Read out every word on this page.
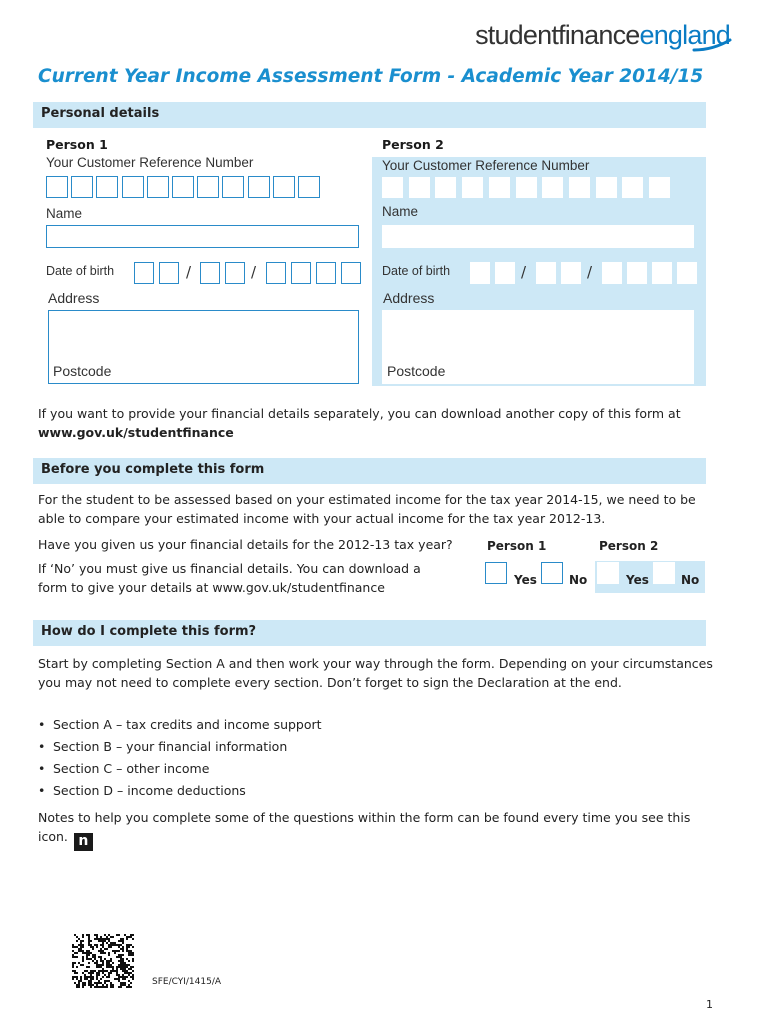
studentfinance england
Current Year Income Assessment Form - Academic Year 2014/15
Personal details
Person 1
Your Customer Reference Number
Name
Date of birth	/	/
Address
Postcode
Person 2
Your Customer Reference Number
Name
Date of birth	/	/
Address
Postcode
If you want to provide your financial details separately, you can download another copy of this form at www.gov.uk/studentfinance
Before you complete this form
For the student to be assessed based on your estimated income for the tax year 2014-15, we need to be able to compare your estimated income with your actual income for the tax year 2012-13.
Have you given us your financial details for the 2012-13 tax year?
If ‘No’ you must give us financial details. You can download a form to give your details at www.gov.uk/studentfinance
Person 1	Person 2
Yes	No	Yes	No
How do I complete this form?
Start by completing Section A and then work your way through the form. Depending on your circumstances you may not need to complete every section. Don’t forget to sign the Declaration at the end.
• Section A – tax credits and income support
• Section B – your financial information
• Section C – other income
• Section D – income deductions
Notes to help you complete some of the questions within the form can be found every time you see this icon. n
SFE/CYI/1415/A
1
